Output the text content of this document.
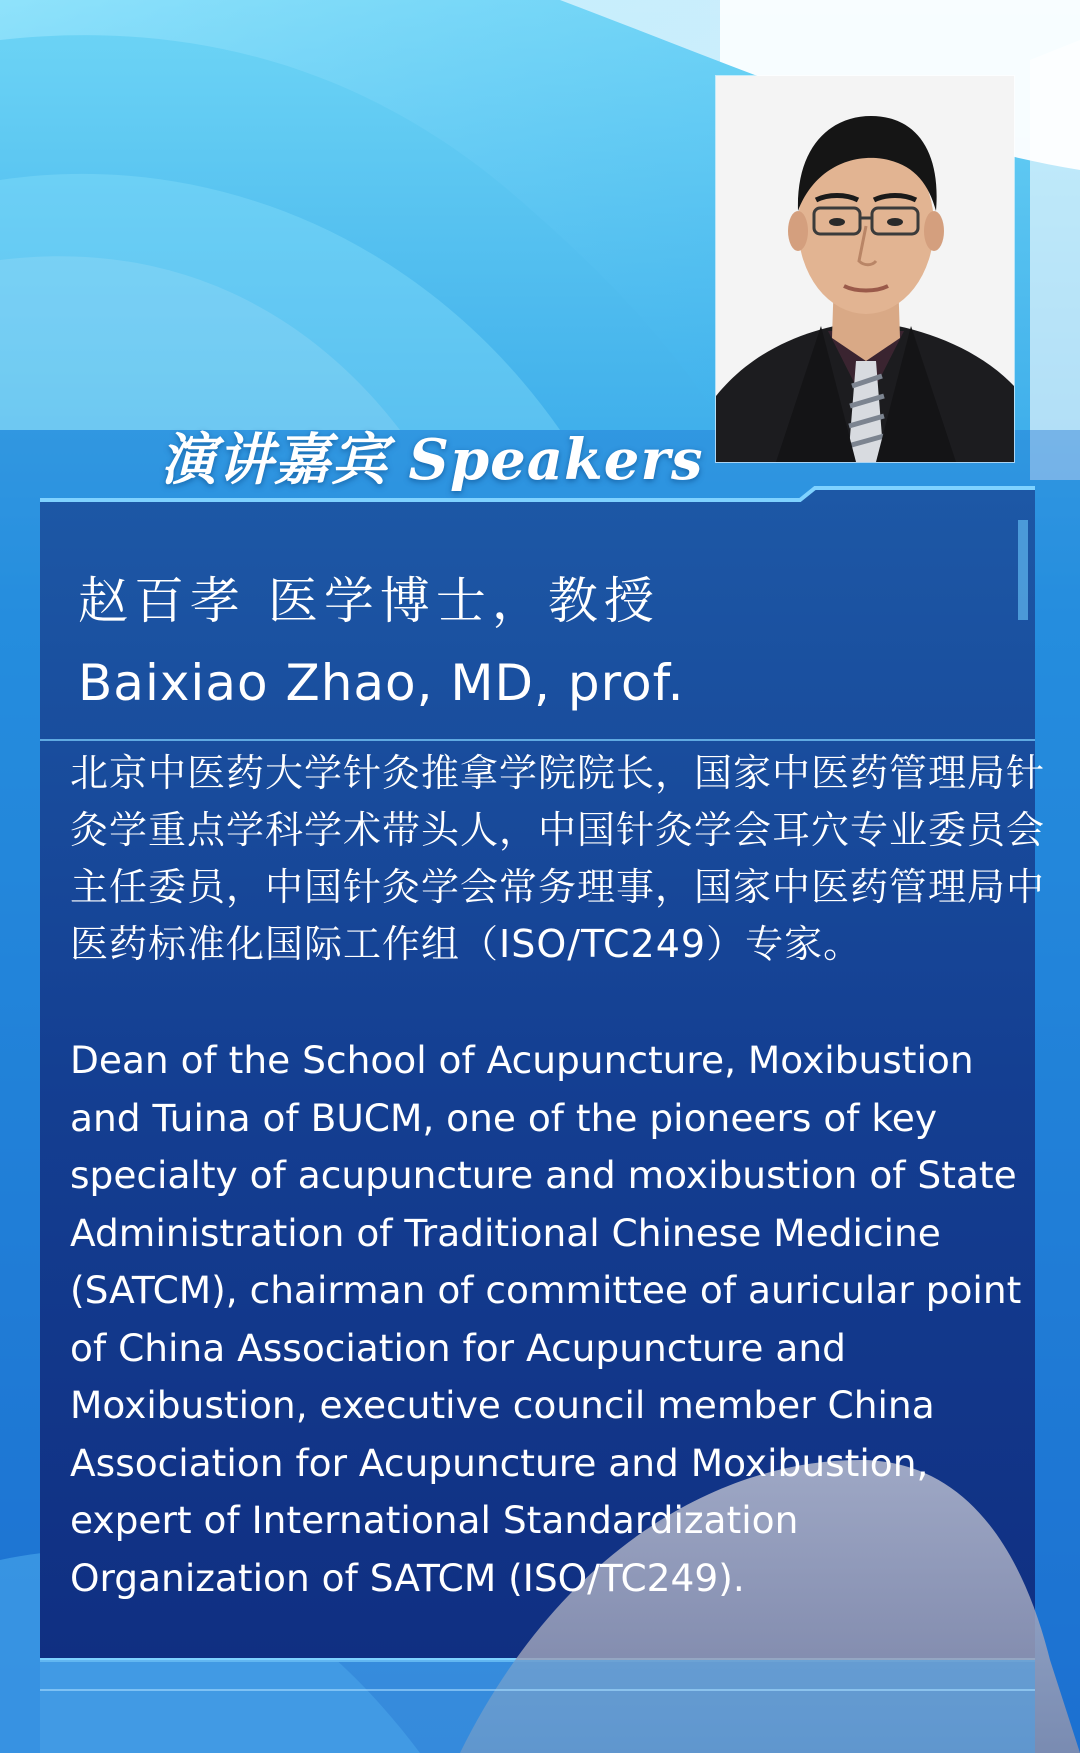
演讲嘉宾 Speakers

赵百孝 医学博士，教授

Baixiao Zhao, MD, prof.

北京中医药大学针灸推拿学院院长，国家中医药管理局针灸学重点学科学术带头人，中国针灸学会耳穴专业委员会主任委员，中国针灸学会常务理事，国家中医药管理局中医药标准化国际工作组（ISO/TC249）专家。

Dean of the School of Acupuncture, Moxibustion and Tuina of BUCM, one of the pioneers of key specialty of acupuncture and moxibustion of State Administration of Traditional Chinese Medicine (SATCM), chairman of committee of auricular point of China Association for Acupuncture and Moxibustion, executive council member China Association for Acupuncture and Moxibustion, expert of International Standardization Organization of SATCM (ISO/TC249).
